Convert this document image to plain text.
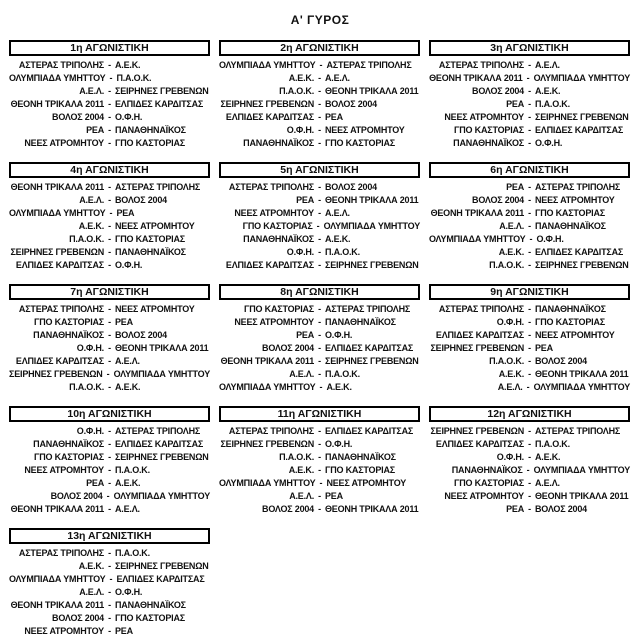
Α' ΓΥΡΟΣ
1η ΑΓΩΝΙΣΤΙΚΗ
ΑΣΤΕΡΑΣ ΤΡΙΠΟΛΗΣ - Α.Ε.Κ.
ΟΛΥΜΠΙΑΔΑ ΥΜΗΤΤΟΥ - Π.Α.Ο.Κ.
Α.Ε.Λ. - ΣΕΙΡΗΝΕΣ ΓΡΕΒΕΝΩΝ
ΘΕΟΝΗ ΤΡΙΚΑΛΑ 2011 - ΕΛΠΙΔΕΣ ΚΑΡΔΙΤΣΑΣ
ΒΟΛΟΣ 2004 - Ο.Φ.Η.
ΡΕΑ - ΠΑΝΑΘΗΝΑΪΚΟΣ
ΝΕΕΣ ΑΤΡΟΜΗΤΟΥ - ΓΠΟ ΚΑΣΤΟΡΙΑΣ
2η ΑΓΩΝΙΣΤΙΚΗ
ΟΛΥΜΠΙΑΔΑ ΥΜΗΤΤΟΥ - ΑΣΤΕΡΑΣ ΤΡΙΠΟΛΗΣ
Α.Ε.Κ. - Α.Ε.Λ.
Π.Α.Ο.Κ. - ΘΕΟΝΗ ΤΡΙΚΑΛΑ 2011
ΣΕΙΡΗΝΕΣ ΓΡΕΒΕΝΩΝ - ΒΟΛΟΣ 2004
ΕΛΠΙΔΕΣ ΚΑΡΔΙΤΣΑΣ - ΡΕΑ
Ο.Φ.Η. - ΝΕΕΣ ΑΤΡΟΜΗΤΟΥ
ΠΑΝΑΘΗΝΑΪΚΟΣ - ΓΠΟ ΚΑΣΤΟΡΙΑΣ
3η ΑΓΩΝΙΣΤΙΚΗ
ΑΣΤΕΡΑΣ ΤΡΙΠΟΛΗΣ - Α.Ε.Λ.
ΘΕΟΝΗ ΤΡΙΚΑΛΑ 2011 - ΟΛΥΜΠΙΑΔΑ ΥΜΗΤΤΟΥ
ΒΟΛΟΣ 2004 - Α.Ε.Κ.
ΡΕΑ - Π.Α.Ο.Κ.
ΝΕΕΣ ΑΤΡΟΜΗΤΟΥ - ΣΕΙΡΗΝΕΣ ΓΡΕΒΕΝΩΝ
ΓΠΟ ΚΑΣΤΟΡΙΑΣ - ΕΛΠΙΔΕΣ ΚΑΡΔΙΤΣΑΣ
ΠΑΝΑΘΗΝΑΪΚΟΣ - Ο.Φ.Η.
4η ΑΓΩΝΙΣΤΙΚΗ
ΘΕΟΝΗ ΤΡΙΚΑΛΑ 2011 - ΑΣΤΕΡΑΣ ΤΡΙΠΟΛΗΣ
Α.Ε.Λ. - ΒΟΛΟΣ 2004
ΟΛΥΜΠΙΑΔΑ ΥΜΗΤΤΟΥ - ΡΕΑ
Α.Ε.Κ. - ΝΕΕΣ ΑΤΡΟΜΗΤΟΥ
Π.Α.Ο.Κ. - ΓΠΟ ΚΑΣΤΟΡΙΑΣ
ΣΕΙΡΗΝΕΣ ΓΡΕΒΕΝΩΝ - ΠΑΝΑΘΗΝΑΪΚΟΣ
ΕΛΠΙΔΕΣ ΚΑΡΔΙΤΣΑΣ - Ο.Φ.Η.
5η ΑΓΩΝΙΣΤΙΚΗ
ΑΣΤΕΡΑΣ ΤΡΙΠΟΛΗΣ - ΒΟΛΟΣ 2004
ΡΕΑ - ΘΕΟΝΗ ΤΡΙΚΑΛΑ 2011
ΝΕΕΣ ΑΤΡΟΜΗΤΟΥ - Α.Ε.Λ.
ΓΠΟ ΚΑΣΤΟΡΙΑΣ - ΟΛΥΜΠΙΑΔΑ ΥΜΗΤΤΟΥ
ΠΑΝΑΘΗΝΑΪΚΟΣ - Α.Ε.Κ.
Ο.Φ.Η. - Π.Α.Ο.Κ.
ΕΛΠΙΔΕΣ ΚΑΡΔΙΤΣΑΣ - ΣΕΙΡΗΝΕΣ ΓΡΕΒΕΝΩΝ
6η ΑΓΩΝΙΣΤΙΚΗ
ΡΕΑ - ΑΣΤΕΡΑΣ ΤΡΙΠΟΛΗΣ
ΒΟΛΟΣ 2004 - ΝΕΕΣ ΑΤΡΟΜΗΤΟΥ
ΘΕΟΝΗ ΤΡΙΚΑΛΑ 2011 - ΓΠΟ ΚΑΣΤΟΡΙΑΣ
Α.Ε.Λ. - ΠΑΝΑΘΗΝΑΪΚΟΣ
ΟΛΥΜΠΙΑΔΑ ΥΜΗΤΤΟΥ - Ο.Φ.Η.
Α.Ε.Κ. - ΕΛΠΙΔΕΣ ΚΑΡΔΙΤΣΑΣ
Π.Α.Ο.Κ. - ΣΕΙΡΗΝΕΣ ΓΡΕΒΕΝΩΝ
7η ΑΓΩΝΙΣΤΙΚΗ
ΑΣΤΕΡΑΣ ΤΡΙΠΟΛΗΣ - ΝΕΕΣ ΑΤΡΟΜΗΤΟΥ
ΓΠΟ ΚΑΣΤΟΡΙΑΣ - ΡΕΑ
ΠΑΝΑΘΗΝΑΪΚΟΣ - ΒΟΛΟΣ 2004
Ο.Φ.Η. - ΘΕΟΝΗ ΤΡΙΚΑΛΑ 2011
ΕΛΠΙΔΕΣ ΚΑΡΔΙΤΣΑΣ - Α.Ε.Λ.
ΣΕΙΡΗΝΕΣ ΓΡΕΒΕΝΩΝ - ΟΛΥΜΠΙΑΔΑ ΥΜΗΤΤΟΥ
Π.Α.Ο.Κ. - Α.Ε.Κ.
8η ΑΓΩΝΙΣΤΙΚΗ
ΓΠΟ ΚΑΣΤΟΡΙΑΣ - ΑΣΤΕΡΑΣ ΤΡΙΠΟΛΗΣ
ΝΕΕΣ ΑΤΡΟΜΗΤΟΥ - ΠΑΝΑΘΗΝΑΪΚΟΣ
ΡΕΑ - Ο.Φ.Η.
ΒΟΛΟΣ 2004 - ΕΛΠΙΔΕΣ ΚΑΡΔΙΤΣΑΣ
ΘΕΟΝΗ ΤΡΙΚΑΛΑ 2011 - ΣΕΙΡΗΝΕΣ ΓΡΕΒΕΝΩΝ
Α.Ε.Λ. - Π.Α.Ο.Κ.
ΟΛΥΜΠΙΑΔΑ ΥΜΗΤΤΟΥ - Α.Ε.Κ.
9η ΑΓΩΝΙΣΤΙΚΗ
ΑΣΤΕΡΑΣ ΤΡΙΠΟΛΗΣ - ΠΑΝΑΘΗΝΑΪΚΟΣ
Ο.Φ.Η. - ΓΠΟ ΚΑΣΤΟΡΙΑΣ
ΕΛΠΙΔΕΣ ΚΑΡΔΙΤΣΑΣ - ΝΕΕΣ ΑΤΡΟΜΗΤΟΥ
ΣΕΙΡΗΝΕΣ ΓΡΕΒΕΝΩΝ - ΡΕΑ
Π.Α.Ο.Κ. - ΒΟΛΟΣ 2004
Α.Ε.Κ. - ΘΕΟΝΗ ΤΡΙΚΑΛΑ 2011
Α.Ε.Λ. - ΟΛΥΜΠΙΑΔΑ ΥΜΗΤΤΟΥ
10η ΑΓΩΝΙΣΤΙΚΗ
Ο.Φ.Η. - ΑΣΤΕΡΑΣ ΤΡΙΠΟΛΗΣ
ΠΑΝΑΘΗΝΑΪΚΟΣ - ΕΛΠΙΔΕΣ ΚΑΡΔΙΤΣΑΣ
ΓΠΟ ΚΑΣΤΟΡΙΑΣ - ΣΕΙΡΗΝΕΣ ΓΡΕΒΕΝΩΝ
ΝΕΕΣ ΑΤΡΟΜΗΤΟΥ - Π.Α.Ο.Κ.
ΡΕΑ - Α.Ε.Κ.
ΒΟΛΟΣ 2004 - ΟΛΥΜΠΙΑΔΑ ΥΜΗΤΤΟΥ
ΘΕΟΝΗ ΤΡΙΚΑΛΑ 2011 - Α.Ε.Λ.
11η ΑΓΩΝΙΣΤΙΚΗ
ΑΣΤΕΡΑΣ ΤΡΙΠΟΛΗΣ - ΕΛΠΙΔΕΣ ΚΑΡΔΙΤΣΑΣ
ΣΕΙΡΗΝΕΣ ΓΡΕΒΕΝΩΝ - Ο.Φ.Η.
Π.Α.Ο.Κ. - ΠΑΝΑΘΗΝΑΪΚΟΣ
Α.Ε.Κ. - ΓΠΟ ΚΑΣΤΟΡΙΑΣ
ΟΛΥΜΠΙΑΔΑ ΥΜΗΤΤΟΥ - ΝΕΕΣ ΑΤΡΟΜΗΤΟΥ
Α.Ε.Λ. - ΡΕΑ
ΒΟΛΟΣ 2004 - ΘΕΟΝΗ ΤΡΙΚΑΛΑ 2011
12η ΑΓΩΝΙΣΤΙΚΗ
ΣΕΙΡΗΝΕΣ ΓΡΕΒΕΝΩΝ - ΑΣΤΕΡΑΣ ΤΡΙΠΟΛΗΣ
ΕΛΠΙΔΕΣ ΚΑΡΔΙΤΣΑΣ - Π.Α.Ο.Κ.
Ο.Φ.Η. - Α.Ε.Κ.
ΠΑΝΑΘΗΝΑΪΚΟΣ - ΟΛΥΜΠΙΑΔΑ ΥΜΗΤΤΟΥ
ΓΠΟ ΚΑΣΤΟΡΙΑΣ - Α.Ε.Λ.
ΝΕΕΣ ΑΤΡΟΜΗΤΟΥ - ΘΕΟΝΗ ΤΡΙΚΑΛΑ 2011
ΡΕΑ - ΒΟΛΟΣ 2004
13η ΑΓΩΝΙΣΤΙΚΗ
ΑΣΤΕΡΑΣ ΤΡΙΠΟΛΗΣ - Π.Α.Ο.Κ.
Α.Ε.Κ. - ΣΕΙΡΗΝΕΣ ΓΡΕΒΕΝΩΝ
ΟΛΥΜΠΙΑΔΑ ΥΜΗΤΤΟΥ - ΕΛΠΙΔΕΣ ΚΑΡΔΙΤΣΑΣ
Α.Ε.Λ. - Ο.Φ.Η.
ΘΕΟΝΗ ΤΡΙΚΑΛΑ 2011 - ΠΑΝΑΘΗΝΑΪΚΟΣ
ΒΟΛΟΣ 2004 - ΓΠΟ ΚΑΣΤΟΡΙΑΣ
ΝΕΕΣ ΑΤΡΟΜΗΤΟΥ - ΡΕΑ
